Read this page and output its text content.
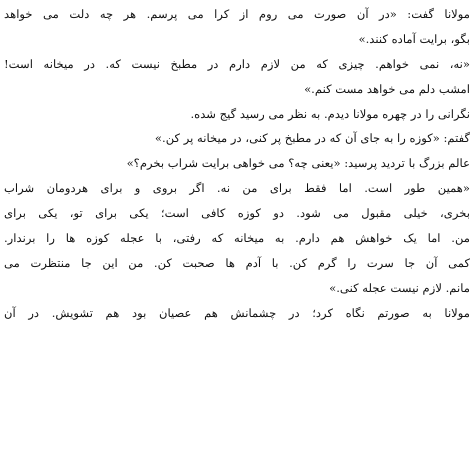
مولانا گفت: «در آن صورت می روم از کرا می پرسم. هر چه دلت می خواهد
بگو، برایت آماده کنند.»
«نه، نمی خواهم. چیزی که من لازم دارم در مطبخ نیست که. در میخانه است!
امشب دلم می خواهد مست کنم.»
نگرانی را در چهره مولانا دیدم. به نظر می رسید گیج شده.
گفتم: «کوزه را به جای آن که در مطبخ پر کنی، در میخانه پر کن.»
عالم بزرگ با تردید پرسید: «یعنی چه؟ می خواهی برایت شراب بخرم؟»
«همین طور است. اما فقط برای من نه. اگر بروی و برای هردومان شراب
بخری، خیلی مقبول می شود. دو کوزه کافی است؛ یکی برای تو، یکی برای
من. اما یک خواهش هم دارم. به میخانه که رفتی، با عجله کوزه ها را برندار.
کمی آن جا سرت را گرم کن. با آدم ها صحبت کن. من این جا منتظرت می
مانم. لازم نیست عجله کنی.»
مولانا به صورتم نگاه کرد؛ در چشمانش هم عصیان بود هم تشویش. در آن
